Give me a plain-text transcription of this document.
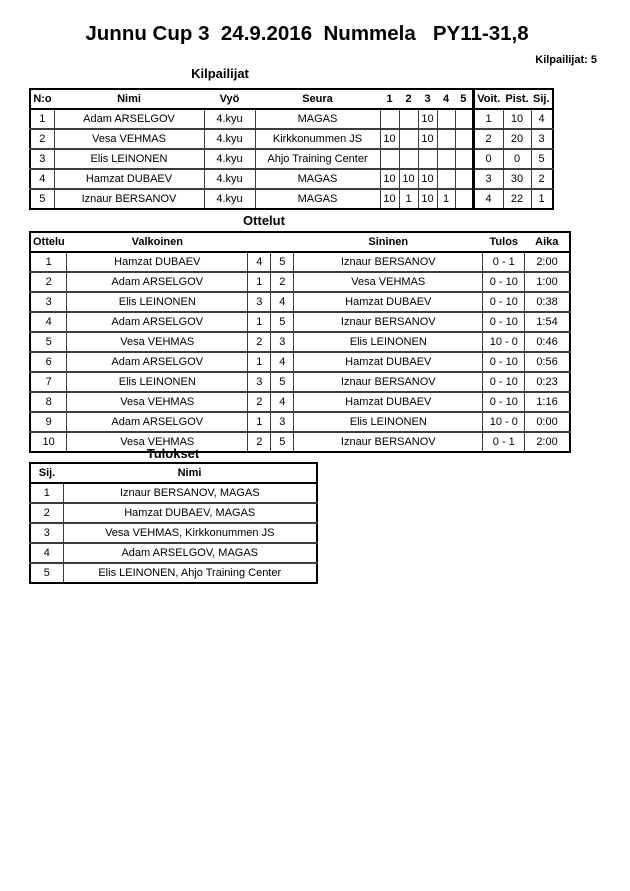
Junnu Cup 3  24.9.2016  Nummela   PY11-31,8
Kilpailijat: 5
Kilpailijat
N:o	Nimi	Vyö	Seura	1	2	3	4	5	Voit.	Pist.	Sij.
1	Adam ARSELGOV	4.kyu	MAGAS			10			1	10	4
2	Vesa VEHMAS	4.kyu	Kirkkonummen JS	10		10			2	20	3
3	Elis LEINONEN	4.kyu	Ahjo Training Center						0	0	5
4	Hamzat DUBAEV	4.kyu	MAGAS	10	10	10			3	30	2
5	Iznaur BERSANOV	4.kyu	MAGAS	10	1	10	1		4	22	1
Ottelut
Ottelu	Valkoinen			Sininen	Tulos	Aika
1	Hamzat DUBAEV	4	5	Iznaur BERSANOV	0 - 1	2:00
2	Adam ARSELGOV	1	2	Vesa VEHMAS	0 - 10	1:00
3	Elis LEINONEN	3	4	Hamzat DUBAEV	0 - 10	0:38
4	Adam ARSELGOV	1	5	Iznaur BERSANOV	0 - 10	1:54
5	Vesa VEHMAS	2	3	Elis LEINONEN	10 - 0	0:46
6	Adam ARSELGOV	1	4	Hamzat DUBAEV	0 - 10	0:56
7	Elis LEINONEN	3	5	Iznaur BERSANOV	0 - 10	0:23
8	Vesa VEHMAS	2	4	Hamzat DUBAEV	0 - 10	1:16
9	Adam ARSELGOV	1	3	Elis LEINONEN	10 - 0	0:00
10	Vesa VEHMAS	2	5	Iznaur BERSANOV	0 - 1	2:00
Tulokset
Sij.	Nimi
1	Iznaur BERSANOV, MAGAS
2	Hamzat DUBAEV, MAGAS
3	Vesa VEHMAS, Kirkkonummen JS
4	Adam ARSELGOV, MAGAS
5	Elis LEINONEN, Ahjo Training Center
